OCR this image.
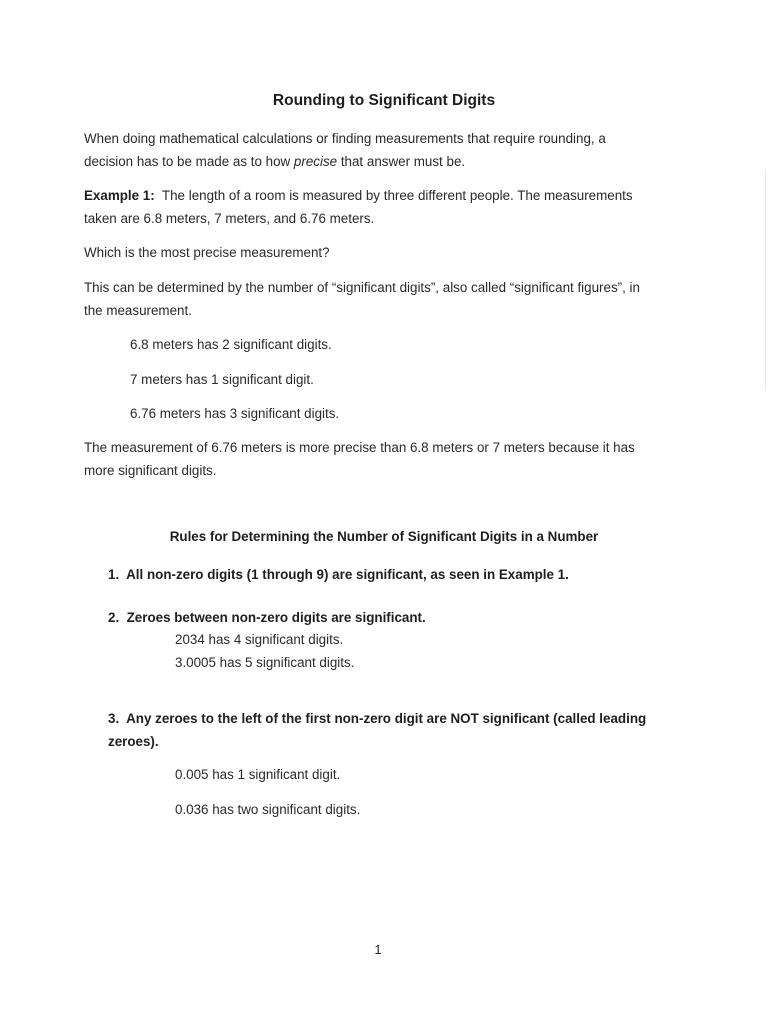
Rounding to Significant Digits

When doing mathematical calculations or finding measurements that require rounding, a

decision has to be made as to how precise that answer must be.

Example 1: The length of a room is measured by three different people. The measurements

taken are 6.8 meters, 7 meters, and 6.76 meters.

Which is the most precise measurement?

This can be determined by the number of “significant digits”, also called “significant figures”, in

the measurement.

6.8 meters has 2 significant digits.

7 meters has 1 significant digit.

6.76 meters has 3 significant digits.

The measurement of 6.76 meters is more precise than 6.8 meters or 7 meters because it has

more significant digits.

Rules for Determining the Number of Significant Digits in a Number

1. All non-zero digits (1 through 9) are significant, as seen in Example 1.

2. Zeroes between non-zero digits are significant.

2034 has 4 significant digits.

3.0005 has 5 significant digits.

3. Any zeroes to the left of the first non-zero digit are NOT significant (called leading

zeroes).

0.005 has 1 significant digit.

0.036 has two significant digits.

1
